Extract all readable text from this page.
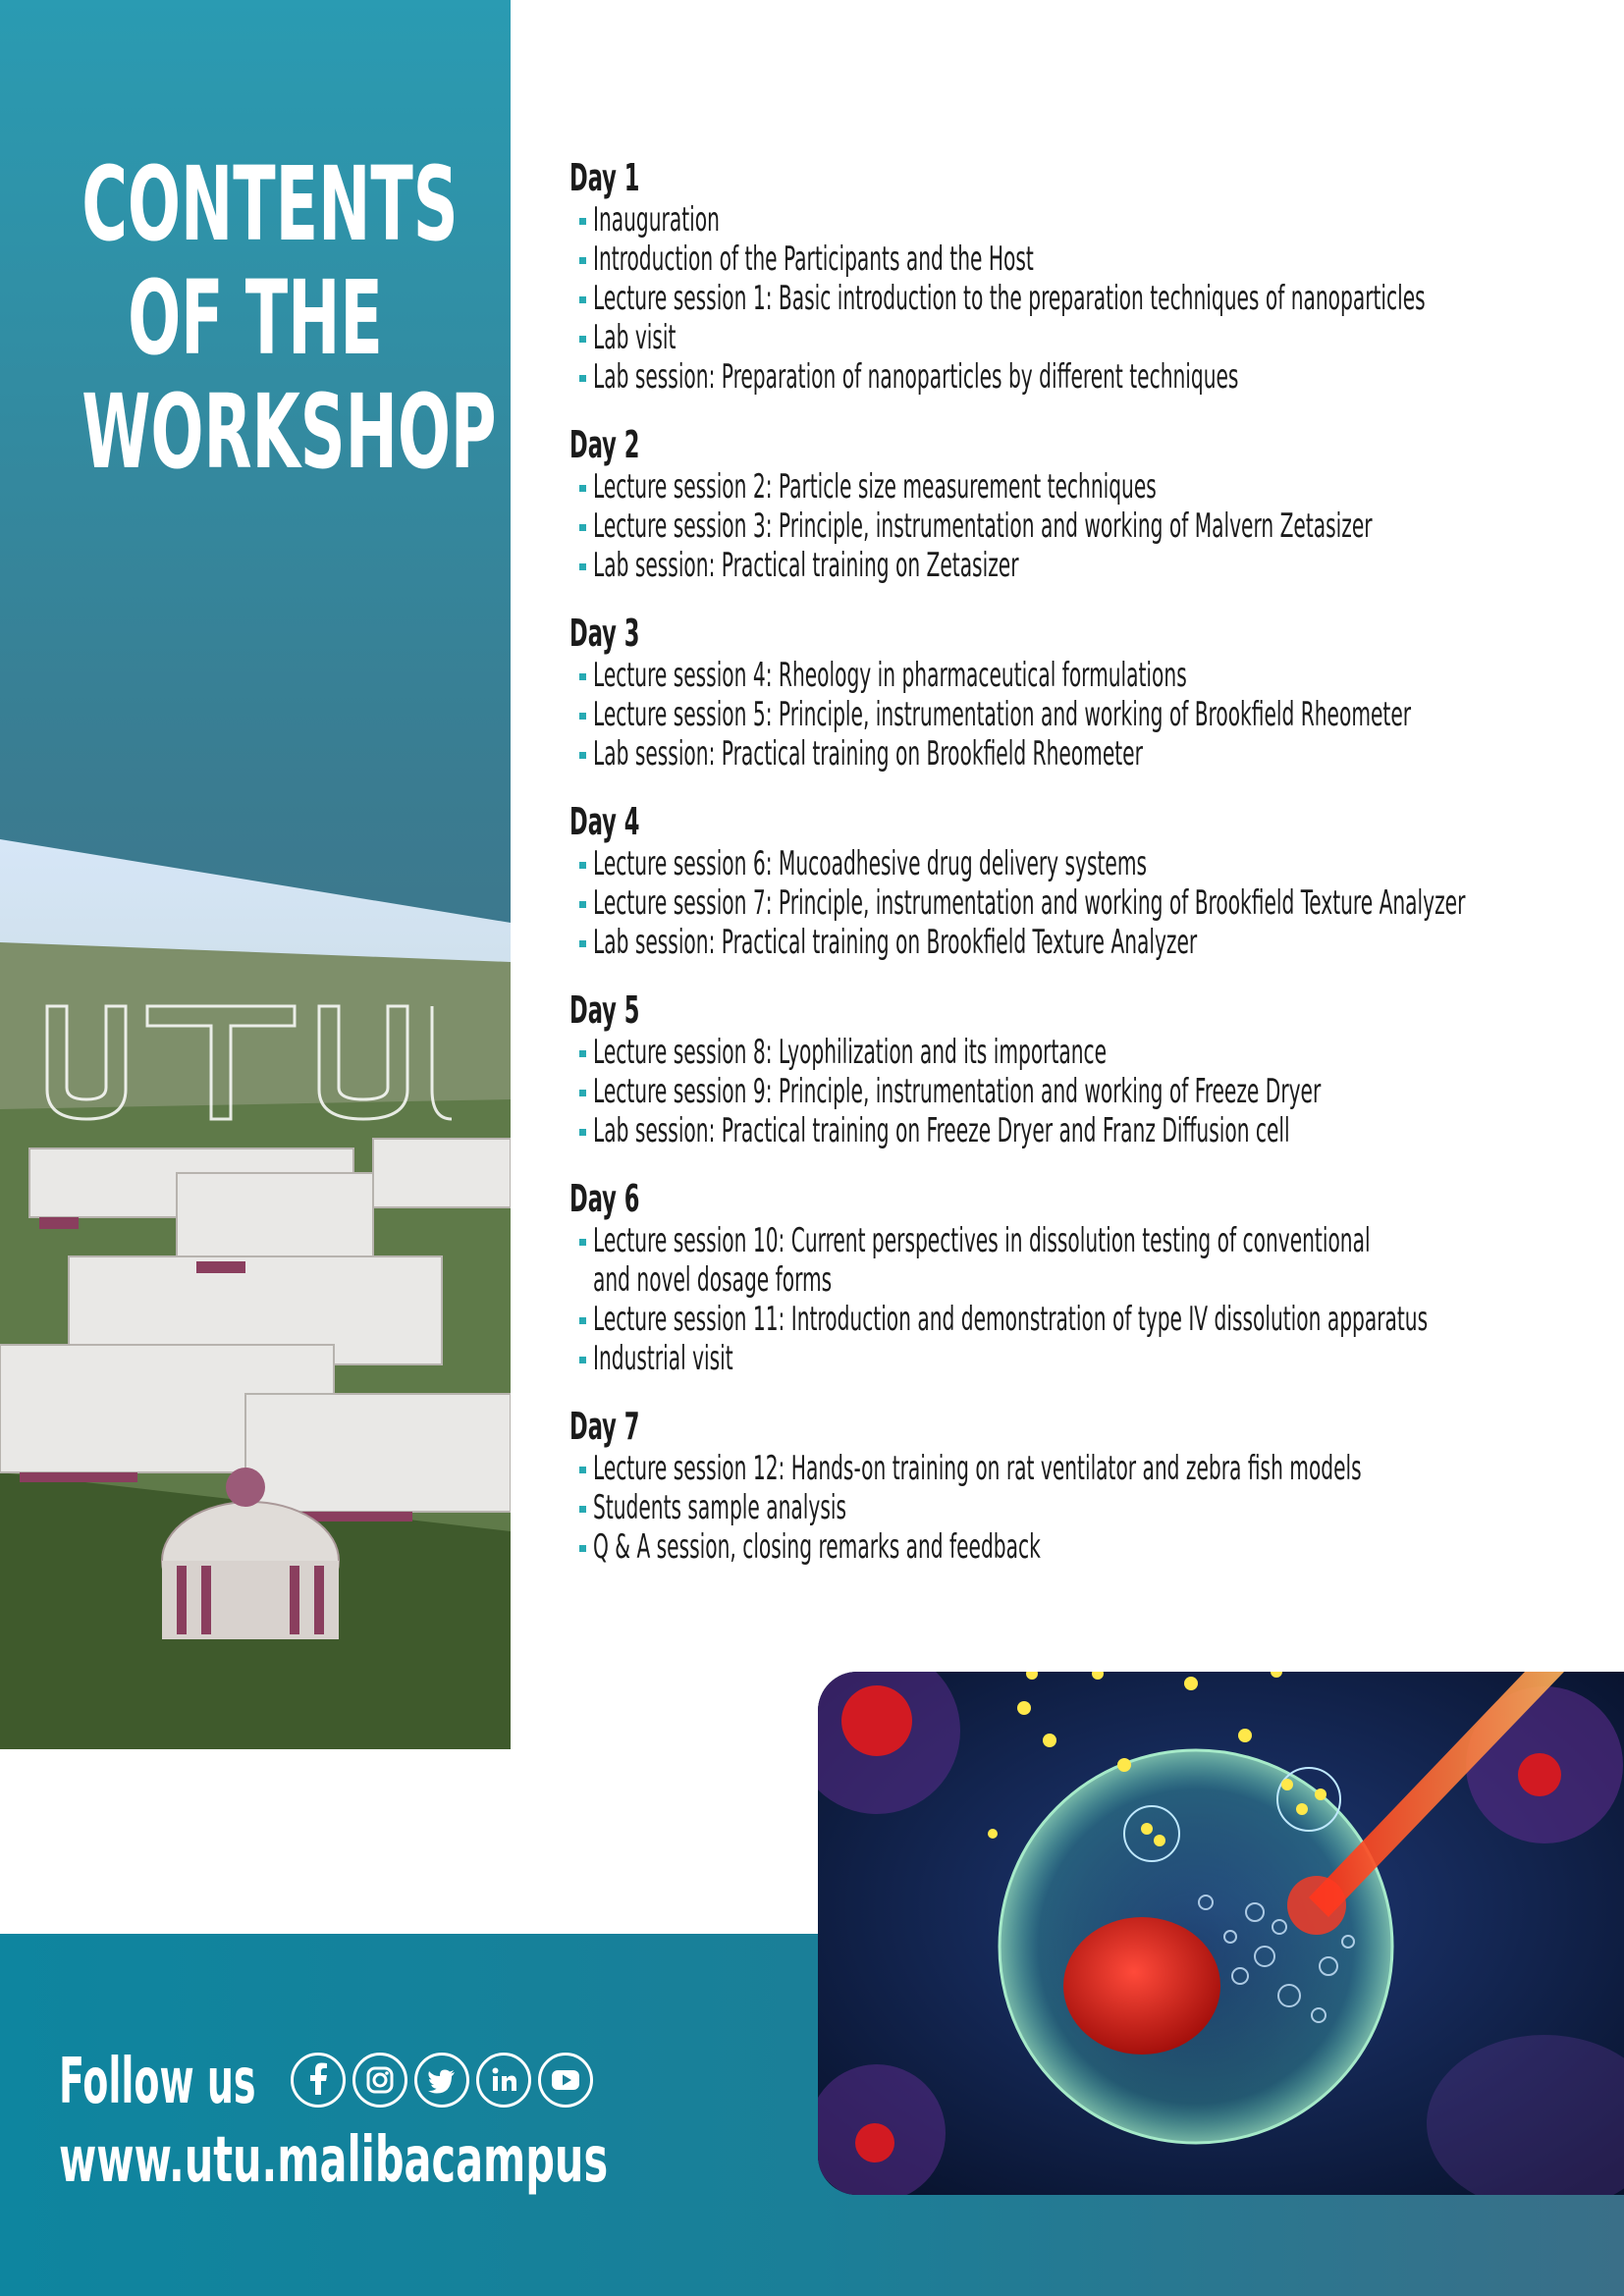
CONTENTS
OF THE
WORKSHOP
Day 1
Inauguration
Introduction of the Participants and the Host
Lecture session 1: Basic introduction to the preparation techniques of nanoparticles
Lab visit
Lab session: Preparation of nanoparticles by different techniques
Day 2
Lecture session 2: Particle size measurement techniques
Lecture session 3: Principle, instrumentation and working of Malvern Zetasizer
Lab session: Practical training on Zetasizer
Day 3
Lecture session 4: Rheology in pharmaceutical formulations
Lecture session 5: Principle, instrumentation and working of Brookfield Rheometer
Lab session: Practical training on Brookfield Rheometer
Day 4
Lecture session 6: Mucoadhesive drug delivery systems
Lecture session 7: Principle, instrumentation and working of Brookfield Texture Analyzer
Lab session: Practical training on Brookfield Texture Analyzer
Day 5
Lecture session 8: Lyophilization and its importance
Lecture session 9: Principle, instrumentation and working of Freeze Dryer
Lab session: Practical training on Freeze Dryer and Franz Diffusion cell
Day 6
Lecture session 10: Current perspectives in dissolution testing of conventional
and novel dosage forms
Lecture session 11: Introduction and demonstration of type IV dissolution apparatus
Industrial visit
Day 7
Lecture session 12: Hands-on training on rat ventilator and zebra fish models
Students sample analysis
Q & A session, closing remarks and feedback
Follow us
www.utu.malibacampus
